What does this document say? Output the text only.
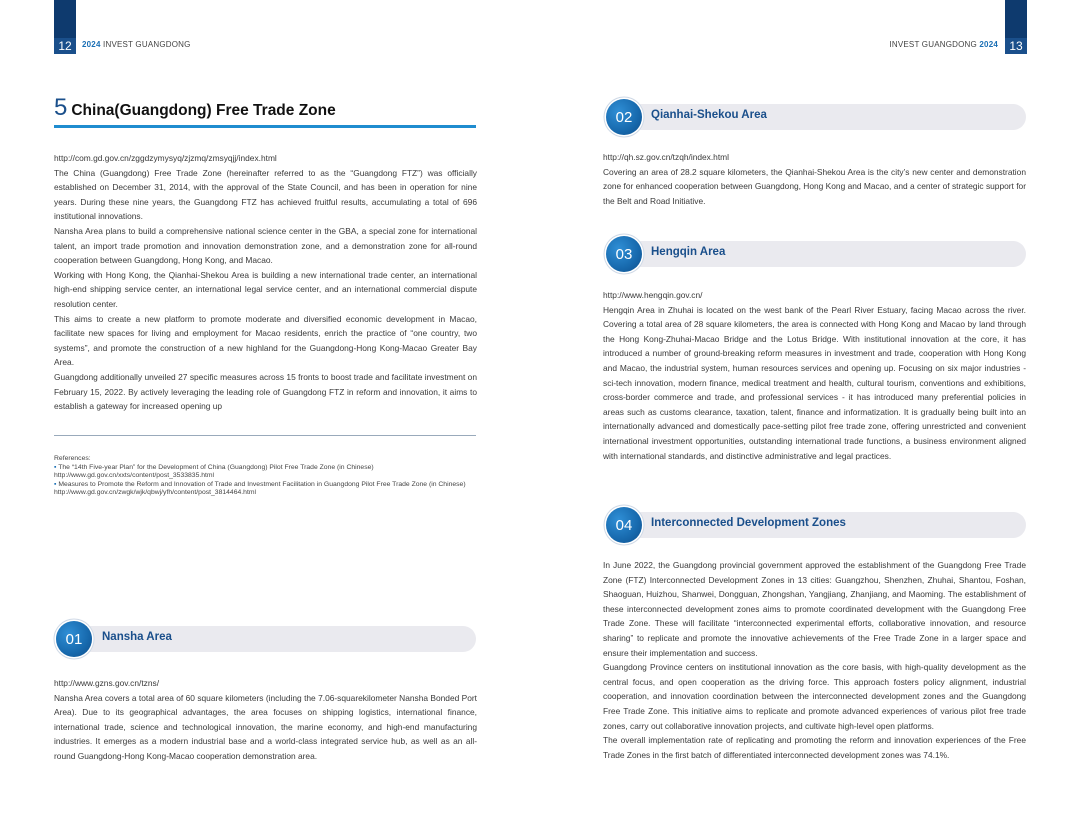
12 2024 INVEST GUANGDONG	INVEST GUANGDONG 2024 13
5 China(Guangdong) Free Trade Zone

http://com.gd.gov.cn/zggdzymysyq/zjzmq/zmsyqjj/index.html

The China (Guangdong) Free Trade Zone (hereinafter referred to as the “Guangdong FTZ”) was officially established on December 31, 2014, with the approval of the State Council, and has been in operation for nine years. During these nine years, the Guangdong FTZ has achieved fruitful results, accumulating a total of 696 institutional innovations.

Nansha Area plans to build a comprehensive national science center in the GBA, a special zone for international talent, an import trade promotion and innovation demonstration zone, and a demonstration zone for all-round cooperation between Guangdong, Hong Kong, and Macao.

Working with Hong Kong, the Qianhai-Shekou Area is building a new international trade center, an international high-end shipping service center, an international legal service center, and an international commercial dispute resolution center.

This aims to create a new platform to promote moderate and diversified economic development in Macao, facilitate new spaces for living and employment for Macao residents, enrich the practice of “one country, two systems”, and promote the construction of a new highland for the Guangdong-Hong Kong-Macao Greater Bay Area.

Guangdong additionally unveiled 27 specific measures across 15 fronts to boost trade and facilitate investment on February 15, 2022. By actively leveraging the leading role of Guangdong FTZ in reform and innovation, it aims to establish a gateway for increased opening up

References:
▪ The “14th Five-year Plan” for the Development of China (Guangdong) Pilot Free Trade Zone (in Chinese) http://www.gd.gov.cn/xxts/content/post_3533835.html
▪ Measures to Promote the Reform and Innovation of Trade and Investment Facilitation in Guangdong Pilot Free Trade Zone (in Chinese) http://www.gd.gov.cn/zwgk/wjk/qbwj/yfh/content/post_3814464.html
01	Nansha Area

http://www.gzns.gov.cn/tzns/

Nansha Area covers a total area of 60 square kilometers (including the 7.06-squarekilometer Nansha Bonded Port Area). Due to its geographical advantages, the area focuses on shipping logistics, international finance, international trade, science and technological innovation, the marine economy, and high-end manufacturing industries. It emerges as a modern industrial base and a world-class integrated service hub, as well as an all-round Guangdong-Hong Kong-Macao cooperation demonstration area.

02	Qianhai-Shekou Area

http://qh.sz.gov.cn/tzqh/index.html

Covering an area of 28.2 square kilometers, the Qianhai-Shekou Area is the city’s new center and demonstration zone for enhanced cooperation between Guangdong, Hong Kong and Macao, and a center of strategic support for the Belt and Road Initiative.

03	Hengqin Area

http://www.hengqin.gov.cn/

Hengqin Area in Zhuhai is located on the west bank of the Pearl River Estuary, facing Macao across the river. Covering a total area of 28 square kilometers, the area is connected with Hong Kong and Macao by land through the Hong Kong-Zhuhai-Macao Bridge and the Lotus Bridge. With institutional innovation at the core, it has introduced a number of ground-breaking reform measures in investment and trade, cooperation with Hong Kong and Macao, the industrial system, human resources services and opening up. Focusing on six major industries - sci-tech innovation, modern finance, medical treatment and health, cultural tourism, conventions and exhibitions, cross-border commerce and trade, and professional services - it has introduced many preferential policies in areas such as customs clearance, taxation, talent, finance and informatization. It is gradually being built into an internationally advanced and domestically pace-setting pilot free trade zone, offering unrestricted and convenient international investment opportunities, outstanding international trade functions, a business environment aligned with international standards, and distinctive administrative and legal practices.

04	Interconnected Development Zones

In June 2022, the Guangdong provincial government approved the establishment of the Guangdong Free Trade Zone (FTZ) Interconnected Development Zones in 13 cities: Guangzhou, Shenzhen, Zhuhai, Shantou, Foshan, Shaoguan, Huizhou, Shanwei, Dongguan, Zhongshan, Yangjiang, Zhanjiang, and Maoming. The establishment of these interconnected development zones aims to promote coordinated development with the Guangdong Free Trade Zone. These will facilitate “interconnected experimental efforts, collaborative innovation, and resource sharing” to replicate and promote the innovative achievements of the Free Trade Zone in a larger space and ensure their implementation and success.

Guangdong Province centers on institutional innovation as the core basis, with high-quality development as the central focus, and open cooperation as the driving force. This approach fosters policy alignment, industrial cooperation, and innovation coordination between the interconnected development zones and the Guangdong Free Trade Zone. This initiative aims to replicate and promote advanced experiences of various pilot free trade zones, carry out collaborative innovation projects, and cultivate high-level open platforms.

The overall implementation rate of replicating and promoting the reform and innovation experiences of the Free Trade Zones in the first batch of differentiated interconnected development zones was 74.1%.
